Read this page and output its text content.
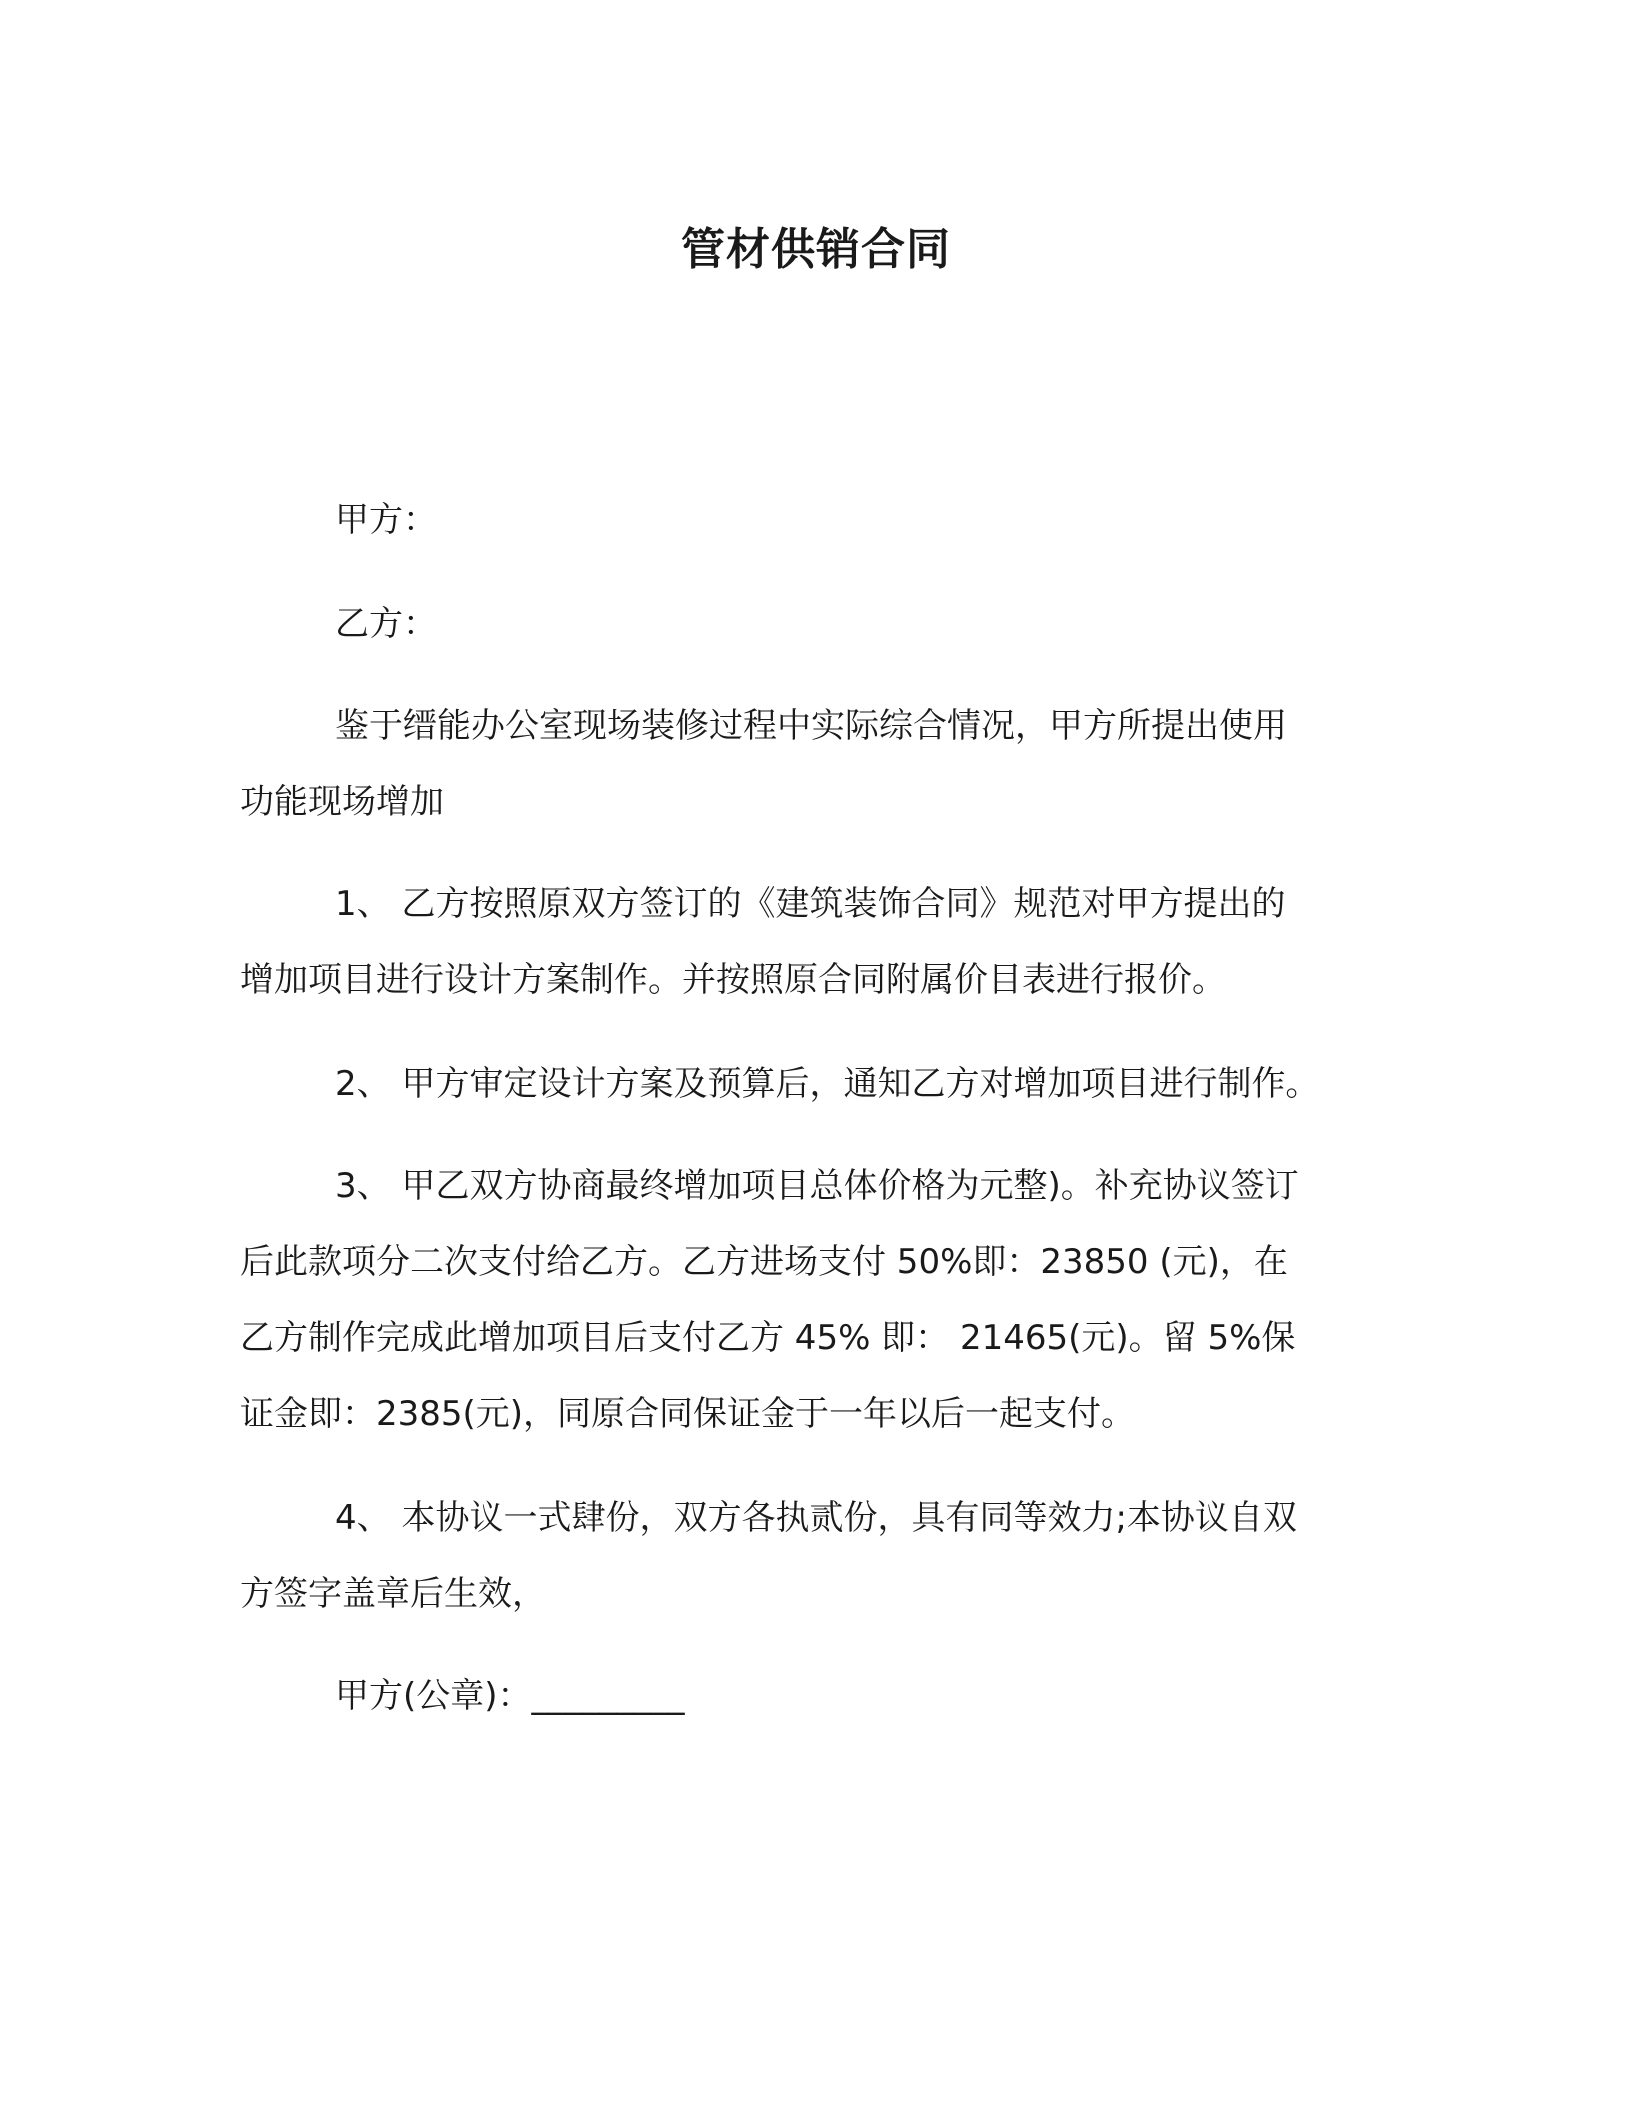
管材供销合同
甲方：
乙方：
鉴于缙能办公室现场装修过程中实际综合情况，甲方所提出使用
功能现场增加
1、 乙方按照原双方签订的《建筑装饰合同》规范对甲方提出的
增加项目进行设计方案制作。并按照原合同附属价目表进行报价。
2、 甲方审定设计方案及预算后，通知乙方对增加项目进行制作。
3、 甲乙双方协商最终增加项目总体价格为元整)。补充协议签订
后此款项分二次支付给乙方。乙方进场支付 50%即：23850 (元)，在
乙方制作完成此增加项目后支付乙方 45% 即： 21465(元)。留 5%保
证金即：2385(元)，同原合同保证金于一年以后一起支付。
4、 本协议一式肆份，双方各执贰份，具有同等效力;本协议自双
方签字盖章后生效，
甲方(公章)：_________
